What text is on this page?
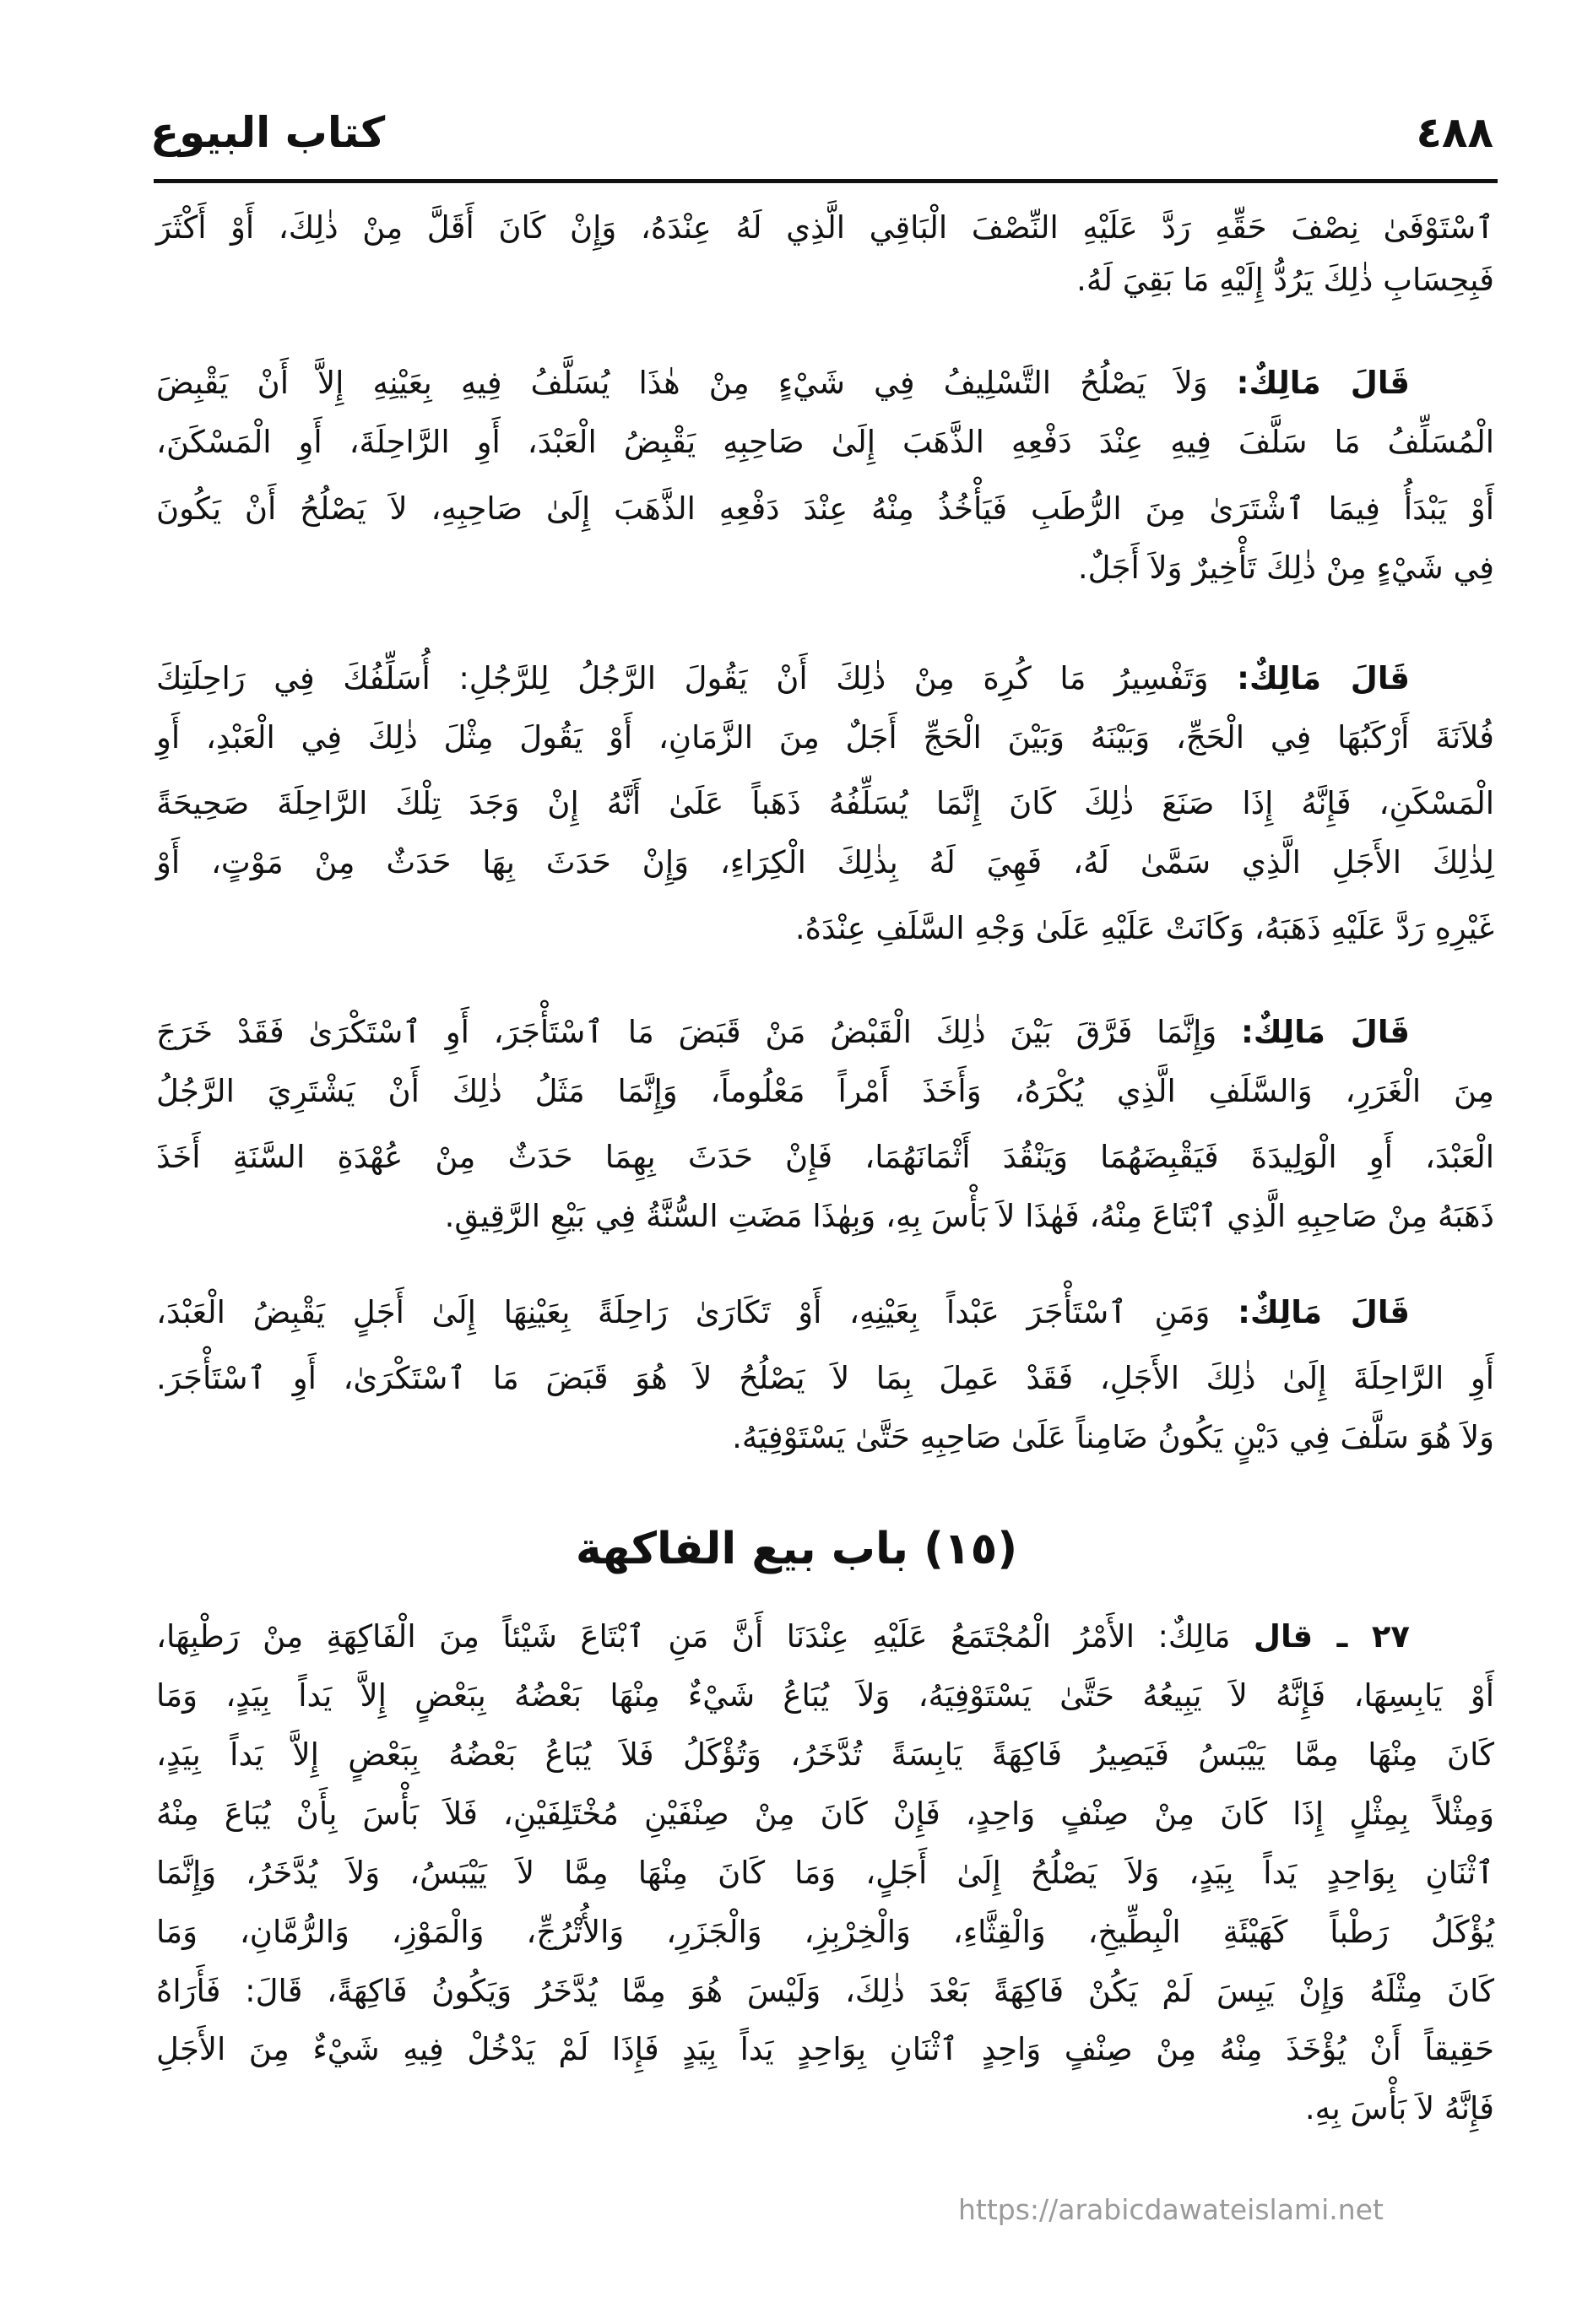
٤٨٨
كتاب البيوع
ٱسْتَوْفَىٰ نِصْفَ حَقِّهِ رَدَّ عَلَيْهِ النِّصْفَ الْبَاقِي الَّذِي لَهُ عِنْدَهُ، وَإِنْ كَانَ أَقَلَّ مِنْ ذٰلِكَ، أَوْ أَكْثَرَ
فَبِحِسَابِ ذٰلِكَ يَرُدُّ إِلَيْهِ مَا بَقِيَ لَهُ.
قَالَ مَالِكٌ: وَلاَ يَصْلُحُ التَّسْلِيفُ فِي شَيْءٍ مِنْ هٰذَا يُسَلَّفُ فِيهِ بِعَيْنِهِ إِلاَّ أَنْ يَقْبِضَ
الْمُسَلِّفُ مَا سَلَّفَ فِيهِ عِنْدَ دَفْعِهِ الذَّهَبَ إِلَىٰ صَاحِبِهِ يَقْبِضُ الْعَبْدَ، أَوِ الرَّاحِلَةَ، أَوِ الْمَسْكَنَ،
أَوْ يَبْدَأُ فِيمَا ٱشْتَرَىٰ مِنَ الرُّطَبِ فَيَأْخُذُ مِنْهُ عِنْدَ دَفْعِهِ الذَّهَبَ إِلَىٰ صَاحِبِهِ، لاَ يَصْلُحُ أَنْ يَكُونَ
فِي شَيْءٍ مِنْ ذٰلِكَ تَأْخِيرٌ وَلاَ أَجَلٌ.
قَالَ مَالِكٌ: وَتَفْسِيرُ مَا كُرِهَ مِنْ ذٰلِكَ أَنْ يَقُولَ الرَّجُلُ لِلرَّجُلِ: أُسَلِّفُكَ فِي رَاحِلَتِكَ
فُلاَنَةَ أَرْكَبُهَا فِي الْحَجِّ، وَبَيْنَهُ وَبَيْنَ الْحَجِّ أَجَلٌ مِنَ الزَّمَانِ، أَوْ يَقُولَ مِثْلَ ذٰلِكَ فِي الْعَبْدِ، أَوِ
الْمَسْكَنِ، فَإِنَّهُ إِذَا صَنَعَ ذٰلِكَ كَانَ إِنَّمَا يُسَلِّفُهُ ذَهَباً عَلَىٰ أَنَّهُ إِنْ وَجَدَ تِلْكَ الرَّاحِلَةَ صَحِيحَةً
لِذٰلِكَ الأَجَلِ الَّذِي سَمَّىٰ لَهُ، فَهِيَ لَهُ بِذٰلِكَ الْكِرَاءِ، وَإِنْ حَدَثَ بِهَا حَدَثٌ مِنْ مَوْتٍ، أَوْ
غَيْرِهِ رَدَّ عَلَيْهِ ذَهَبَهُ، وَكَانَتْ عَلَيْهِ عَلَىٰ وَجْهِ السَّلَفِ عِنْدَهُ.
قَالَ مَالِكٌ: وَإِنَّمَا فَرَّقَ بَيْنَ ذٰلِكَ الْقَبْضُ مَنْ قَبَضَ مَا ٱسْتَأْجَرَ، أَوِ ٱسْتَكْرَىٰ فَقَدْ خَرَجَ
مِنَ الْغَرَرِ، وَالسَّلَفِ الَّذِي يُكْرَهُ، وَأَخَذَ أَمْراً مَعْلُوماً، وَإِنَّمَا مَثَلُ ذٰلِكَ أَنْ يَشْتَرِيَ الرَّجُلُ
الْعَبْدَ، أَوِ الْوَلِيدَةَ فَيَقْبِضَهُمَا وَيَنْقُدَ أَثْمَانَهُمَا، فَإِنْ حَدَثَ بِهِمَا حَدَثٌ مِنْ عُهْدَةِ السَّنَةِ أَخَذَ
ذَهَبَهُ مِنْ صَاحِبِهِ الَّذِي ٱبْتَاعَ مِنْهُ، فَهٰذَا لاَ بَأْسَ بِهِ، وَبِهٰذَا مَضَتِ السُّنَّةُ فِي بَيْعِ الرَّقِيقِ.
قَالَ مَالِكٌ: وَمَنِ ٱسْتَأْجَرَ عَبْداً بِعَيْنِهِ، أَوْ تَكَارَىٰ رَاحِلَةً بِعَيْنِهَا إِلَىٰ أَجَلٍ يَقْبِضُ الْعَبْدَ،
أَوِ الرَّاحِلَةَ إِلَىٰ ذٰلِكَ الأَجَلِ، فَقَدْ عَمِلَ بِمَا لاَ يَصْلُحُ لاَ هُوَ قَبَضَ مَا ٱسْتَكْرَىٰ، أَوِ ٱسْتَأْجَرَ.
وَلاَ هُوَ سَلَّفَ فِي دَيْنٍ يَكُونُ ضَامِناً عَلَىٰ صَاحِبِهِ حَتَّىٰ يَسْتَوْفِيَهُ.
٢٧ ـ قال مَالِكٌ: الأَمْرُ الْمُجْتَمَعُ عَلَيْهِ عِنْدَنَا أَنَّ مَنِ ٱبْتَاعَ شَيْئاً مِنَ الْفَاكِهَةِ مِنْ رَطْبِهَا،
أَوْ يَابِسِهَا، فَإِنَّهُ لاَ يَبِيعُهُ حَتَّىٰ يَسْتَوْفِيَهُ، وَلاَ يُبَاعُ شَيْءٌ مِنْهَا بَعْضُهُ بِبَعْضٍ إِلاَّ يَداً بِيَدٍ، وَمَا
كَانَ مِنْهَا مِمَّا يَيْبَسُ فَيَصِيرُ فَاكِهَةً يَابِسَةً تُدَّخَرُ، وَتُؤْكَلُ فَلاَ يُبَاعُ بَعْضُهُ بِبَعْضٍ إِلاَّ يَداً بِيَدٍ،
وَمِثْلاً بِمِثْلٍ إِذَا كَانَ مِنْ صِنْفٍ وَاحِدٍ، فَإِنْ كَانَ مِنْ صِنْفَيْنِ مُخْتَلِفَيْنِ، فَلاَ بَأْسَ بِأَنْ يُبَاعَ مِنْهُ
ٱثْنَانِ بِوَاحِدٍ يَداً بِيَدٍ، وَلاَ يَصْلُحُ إِلَىٰ أَجَلٍ، وَمَا كَانَ مِنْهَا مِمَّا لاَ يَيْبَسُ، وَلاَ يُدَّخَرُ، وَإِنَّمَا
يُؤْكَلُ رَطْباً كَهَيْئَةِ الْبِطِّيخِ، وَالْقِثَّاءِ، وَالْخِرْبِزِ، وَالْجَزَرِ، وَالأُتْرُجِّ، وَالْمَوْزِ، وَالرُّمَّانِ، وَمَا
كَانَ مِثْلَهُ وَإِنْ يَبِسَ لَمْ يَكُنْ فَاكِهَةً بَعْدَ ذٰلِكَ، وَلَيْسَ هُوَ مِمَّا يُدَّخَرُ وَيَكُونُ فَاكِهَةً، قَالَ: فَأَرَاهُ
حَقِيقاً أَنْ يُؤْخَذَ مِنْهُ مِنْ صِنْفٍ وَاحِدٍ ٱثْنَانِ بِوَاحِدٍ يَداً بِيَدٍ فَإِذَا لَمْ يَدْخُلْ فِيهِ شَيْءٌ مِنَ الأَجَلِ
فَإِنَّهُ لاَ بَأْسَ بِهِ.
(١٥) باب بيع الفاكهة
https://arabicdawateislami.net
